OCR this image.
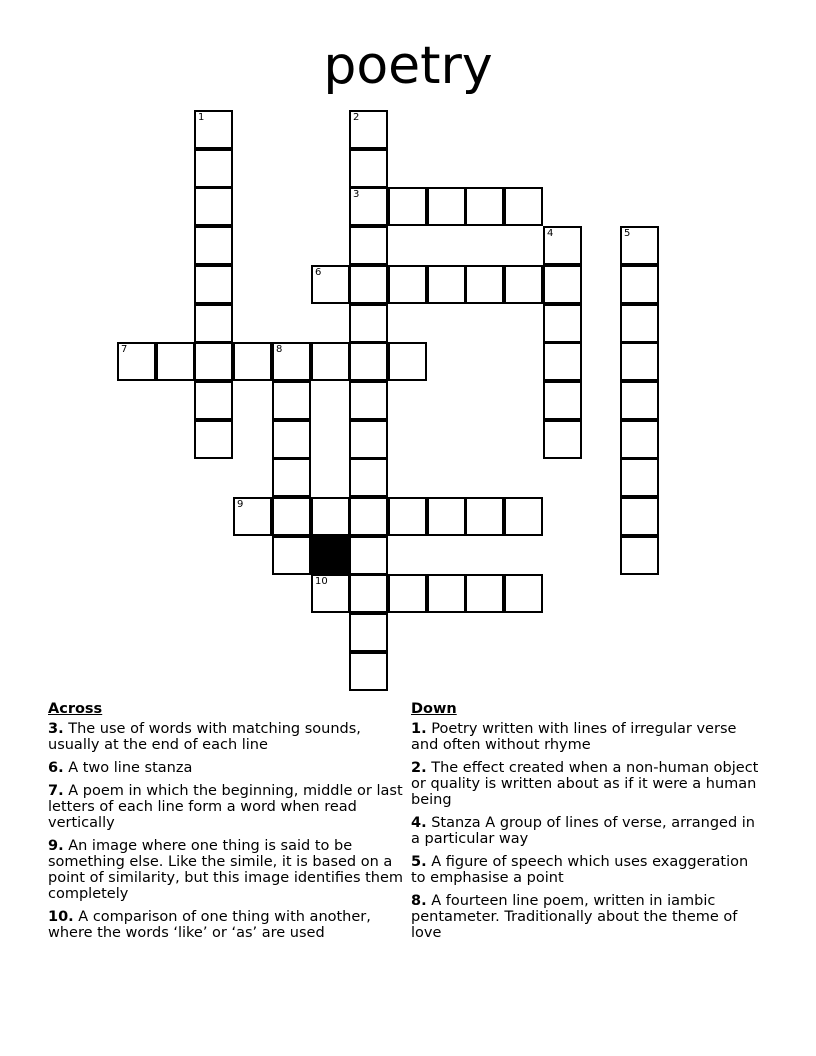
poetry
1	2
3
4	5
6
7	8
9
10
Across
3. The use of words with matching sounds, usually at the end of each line
6. A two line stanza
7. A poem in which the beginning, middle or last letters of each line form a word when read vertically
9. An image where one thing is said to be something else. Like the simile, it is based on a point of similarity, but this image identifies them completely
10. A comparison of one thing with another, where the words ‘like’ or ‘as’ are used
Down
1. Poetry written with lines of irregular verse and often without rhyme
2. The effect created when a non-human object or quality is written about as if it were a human being
4. Stanza A group of lines of verse, arranged in a particular way
5. A figure of speech which uses exaggeration to emphasise a point
8. A fourteen line poem, written in iambic pentameter. Traditionally about the theme of love
